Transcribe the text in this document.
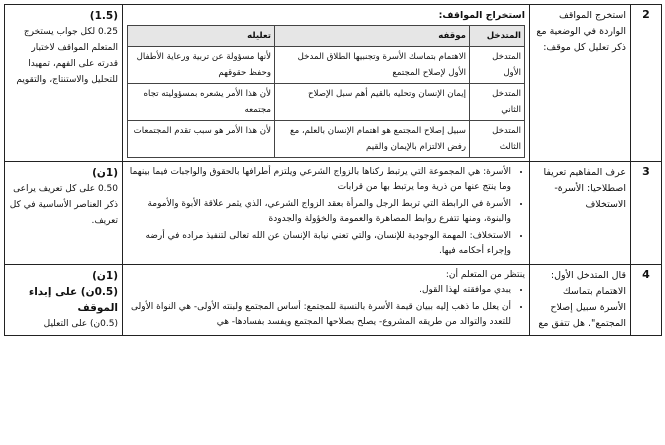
2	استخرج المواقف الواردة في الوضعية مع ذكر تعليل كل موقف:	
استخراج المواقف:
المتدخل	موقفه	تعليله
المتدخل الأول	الاهتمام بتماسك الأسرة وتجنبيها الطلاق المدخل الأول لإصلاح المجتمع	لأنها مسؤولة عن تربية ورعاية الأطفال وحفظ حقوقهم
المتدخل الثاني	إيمان الإنسان وتحليه بالقيم أهم سبل الإصلاح	لأن هذا الأمر يشعره بمسؤوليته تجاه مجتمعه
المتدخل الثالث	سبيل إصلاح المجتمع هو اهتمام الإنسان بالعلم، مع رفض الالتزام بالإيمان والقيم	لأن هذا الأمر هو سبب تقدم المجتمعات

(1.5)
0.25 لكل جواب يستخرج المتعلم المواقف لاختبار قدرته على الفهم، تمهيدا للتحليل والاستنتاج، والتقويم

3	عرف المفاهيم تعريفا اصطلاحيا: الأسرة- الاستخلاف	
• الأسرة: هي المجموعة التي يرتبط ركناها بالزواج الشرعي ويلتزم أطرافها بالحقوق والواجبات فيما بينهما وما ينتج عنها من ذرية وما يرتبط بها من قرابات
• الأسرة في الرابطة التي تربط الرجل والمرأة بعقد الزواج الشرعي، الذي يثمر علاقة الأبوة والأمومة والبنوة، ومنها تتفرع روابط المصاهرة والعمومة والخؤولة والجدودة
• الاستخلاف: المهمة الوجودية للإنسان، والتي تعني نيابة الإنسان عن الله تعالى لتنفيذ مراده في أرضه وإجراء أحكامه فيها.

(1ن)
0.50 على كل تعريف يراعى ذكر العناصر الأساسية في كل تعريف.

4	قال المتدخل الأول: الاهتمام بتماسك الأسرة سبيل إصلاح المجتمع". هل تتفق مع	
ينتظر من المتعلم أن:
• يبدي موافقته لهذا القول.
• أن يعلل ما ذهب إليه ببيان قيمة الأسرة بالنسبة للمجتمع: أساس المجتمع ولبنته الأولى- هي النواة الأولى للتعدد والتوالد من طريقه المشروع- يصلح بصلاحها المجتمع ويفسد بفسادها- هي

(1ن)
(0.5ن) على إبداء الموقف
(0.5ن) على التعليل
